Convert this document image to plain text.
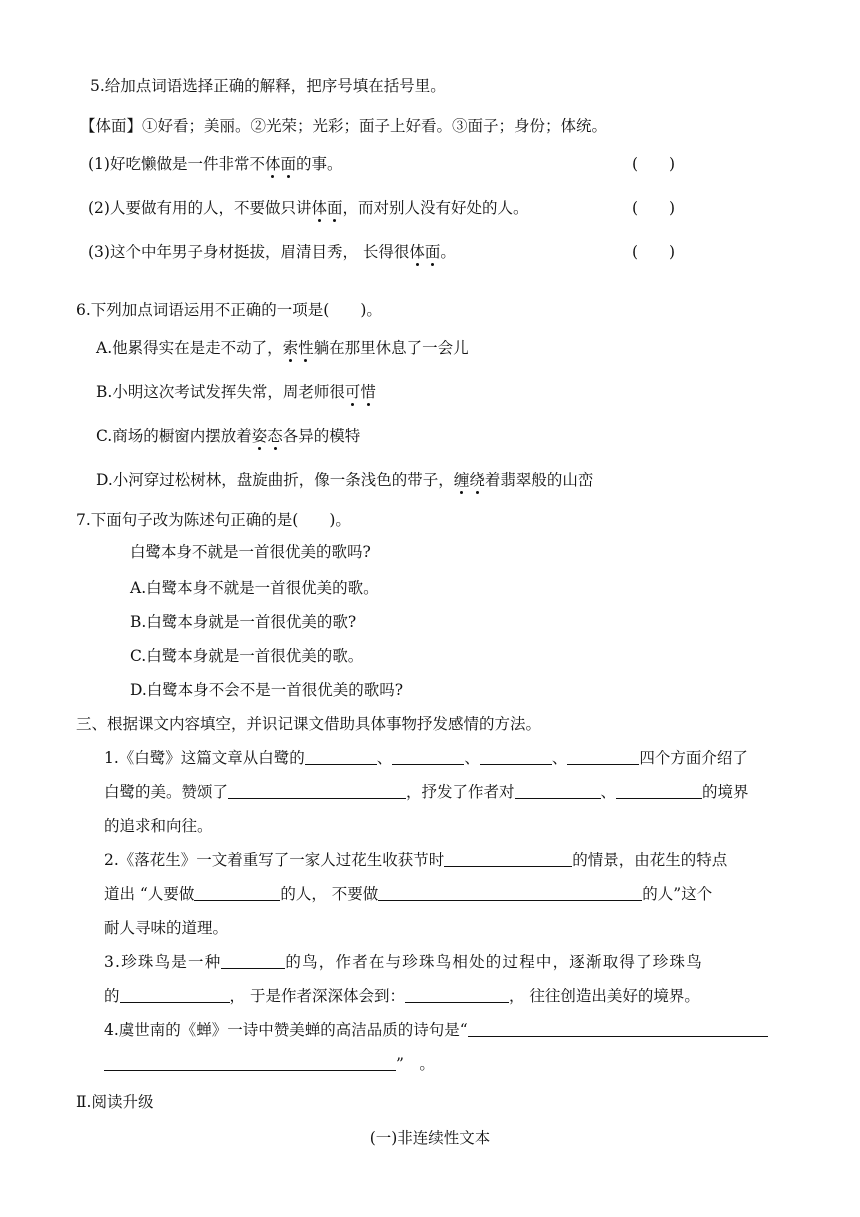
5.给加点词语选择正确的解释，把序号填在括号里。
【体面】①好看；美丽。②光荣；光彩；面子上好看。③面子；身份；体统。
(1)好吃懒做是一件非常不体面的事。	(　　)
(2)人要做有用的人，不要做只讲体面，而对别人没有好处的人。	(　　)
(3)这个中年男子身材挺拔，眉清目秀， 长得很体面。	(　　)
6.下列加点词语运用不正确的一项是(　　)。
A.他累得实在是走不动了，索性躺在那里休息了一会儿
B.小明这次考试发挥失常，周老师很可惜
C.商场的橱窗内摆放着姿态各异的模特
D.小河穿过松树林，盘旋曲折，像一条浅色的带子，缠绕着翡翠般的山峦
7.下面句子改为陈述句正确的是(　　)。
白鹭本身不就是一首很优美的歌吗?
A.白鹭本身不就是一首很优美的歌。
B.白鹭本身就是一首很优美的歌?
C.白鹭本身就是一首很优美的歌。
D.白鹭本身不会不是一首很优美的歌吗?
三、根据课文内容填空，并识记课文借助具体事物抒发感情的方法。
1.《白鹭》这篇文章从白鹭的	、	、	、	四个方面介绍了
白鹭的美。赞颂了	，抒发了作者对	、	的境界
的追求和向往。
2.《落花生》一文着重写了一家人过花生收获节时	的情景，由花生的特点
道出 “人要做	的人， 不要做	的人”这个
耐人寻味的道理。
3.珍珠鸟是一种	的鸟，作者在与珍珠鸟相处的过程中，逐渐取得了珍珠鸟
的	， 于是作者深深体会到：	， 往往创造出美好的境界。
4.虞世南的《蝉》一诗中赞美蝉的高洁品质的诗句是“
”　。
Ⅱ.阅读升级
(一)非连续性文本
